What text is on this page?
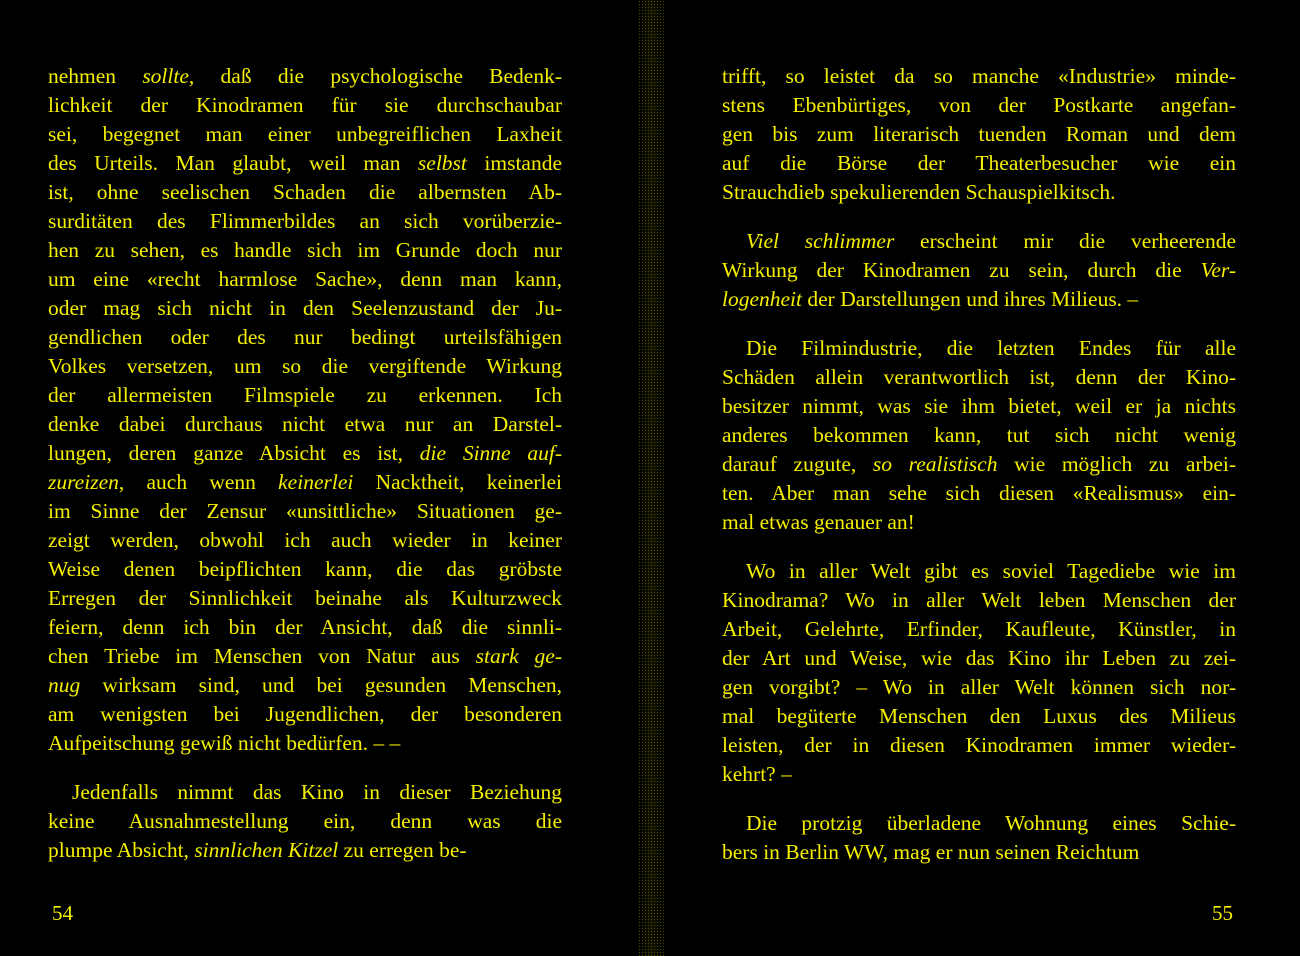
nehmen sollte, daß die psychologische Bedenk-
lichkeit der Kinodramen für sie durchschaubar
sei, begegnet man einer unbegreiflichen Laxheit
des Urteils. Man glaubt, weil man selbst imstande
ist, ohne seelischen Schaden die albernsten Ab-
surditäten des Flimmerbildes an sich vorüberzie-
hen zu sehen, es handle sich im Grunde doch nur
um eine «recht harmlose Sache», denn man kann,
oder mag sich nicht in den Seelenzustand der Ju-
gendlichen oder des nur bedingt urteilsfähigen
Volkes versetzen, um so die vergiftende Wirkung
der allermeisten Filmspiele zu erkennen. Ich
denke dabei durchaus nicht etwa nur an Darstel-
lungen, deren ganze Absicht es ist, die Sinne auf-
zureizen, auch wenn keinerlei Nacktheit, keinerlei
im Sinne der Zensur «unsittliche» Situationen ge-
zeigt werden, obwohl ich auch wieder in keiner
Weise denen beipflichten kann, die das gröbste
Erregen der Sinnlichkeit beinahe als Kulturzweck
feiern, denn ich bin der Ansicht, daß die sinnli-
chen Triebe im Menschen von Natur aus stark ge-
nug wirksam sind, und bei gesunden Menschen,
am wenigsten bei Jugendlichen, der besonderen
Aufpeitschung gewiß nicht bedürfen. – –
Jedenfalls nimmt das Kino in dieser Beziehung
keine Ausnahmestellung ein, denn was die
plumpe Absicht, sinnlichen Kitzel zu erregen be-
54
trifft, so leistet da so manche «Industrie» minde-
stens Ebenbürtiges, von der Postkarte angefan-
gen bis zum literarisch tuenden Roman und dem
auf die Börse der Theaterbesucher wie ein
Strauchdieb spekulierenden Schauspielkitsch.
Viel schlimmer erscheint mir die verheerende
Wirkung der Kinodramen zu sein, durch die Ver-
logenheit der Darstellungen und ihres Milieus. –
Die Filmindustrie, die letzten Endes für alle
Schäden allein verantwortlich ist, denn der Kino-
besitzer nimmt, was sie ihm bietet, weil er ja nichts
anderes bekommen kann, tut sich nicht wenig
darauf zugute, so realistisch wie möglich zu arbei-
ten. Aber man sehe sich diesen «Realismus» ein-
mal etwas genauer an!
Wo in aller Welt gibt es soviel Tagediebe wie im
Kinodrama? Wo in aller Welt leben Menschen der
Arbeit, Gelehrte, Erfinder, Kaufleute, Künstler, in
der Art und Weise, wie das Kino ihr Leben zu zei-
gen vorgibt? – Wo in aller Welt können sich nor-
mal begüterte Menschen den Luxus des Milieus
leisten, der in diesen Kinodramen immer wieder-
kehrt? –
Die protzig überladene Wohnung eines Schie-
bers in Berlin WW, mag er nun seinen Reichtum
55
